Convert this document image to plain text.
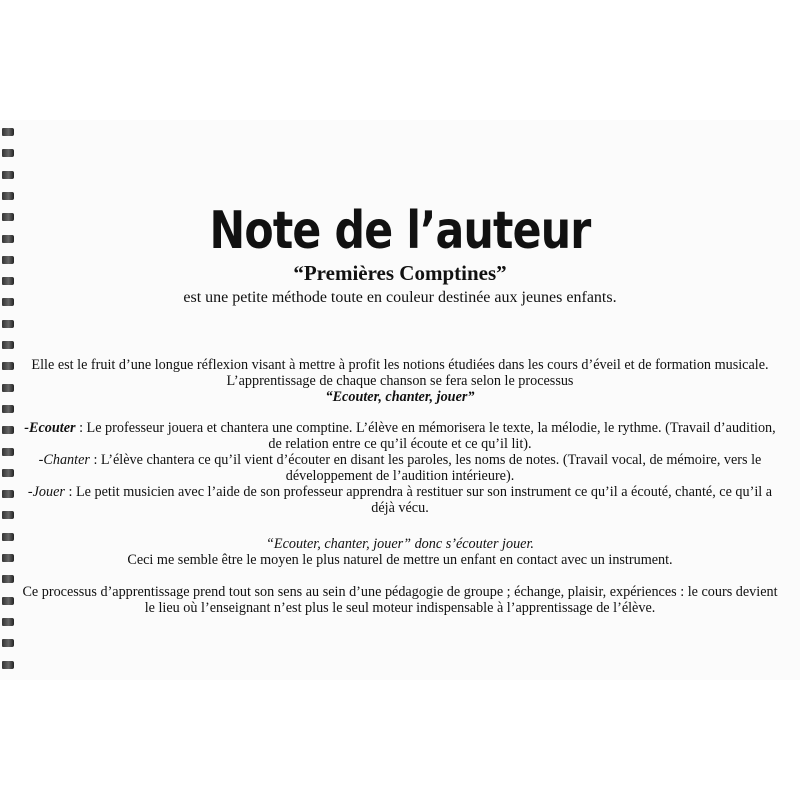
Note de l’auteur
“Premières Comptines”
est une petite méthode toute en couleur destinée aux jeunes enfants.

Elle est le fruit d’une longue réflexion visant à mettre à profit les notions étudiées dans les cours d’éveil et de formation musicale.

L’apprentissage de chaque chanson se fera selon le processus

“Ecouter, chanter, jouer”

-Ecouter : Le professeur jouera et chantera une comptine. L’élève en mémorisera le texte, la mélodie, le rythme. (Travail d’audition, de relation entre ce qu’il écoute et ce qu’il lit).

-Chanter : L’élève chantera ce qu’il vient d’écouter en disant les paroles, les noms de notes. (Travail vocal, de mémoire, vers le développement de l’audition intérieure).

-Jouer : Le petit musicien avec l’aide de son professeur apprendra à restituer sur son instrument ce qu’il a écouté, chanté, ce qu’il a déjà vécu.

“Ecouter, chanter, jouer” donc s’écouter jouer.

Ceci me semble être le moyen le plus naturel de mettre un enfant en contact avec un instrument.

Ce processus d’apprentissage prend tout son sens au sein d’une pédagogie de groupe ; échange, plaisir, expériences : le cours devient le lieu où l’enseignant n’est plus le seul moteur indispensable à l’apprentissage de l’élève.
